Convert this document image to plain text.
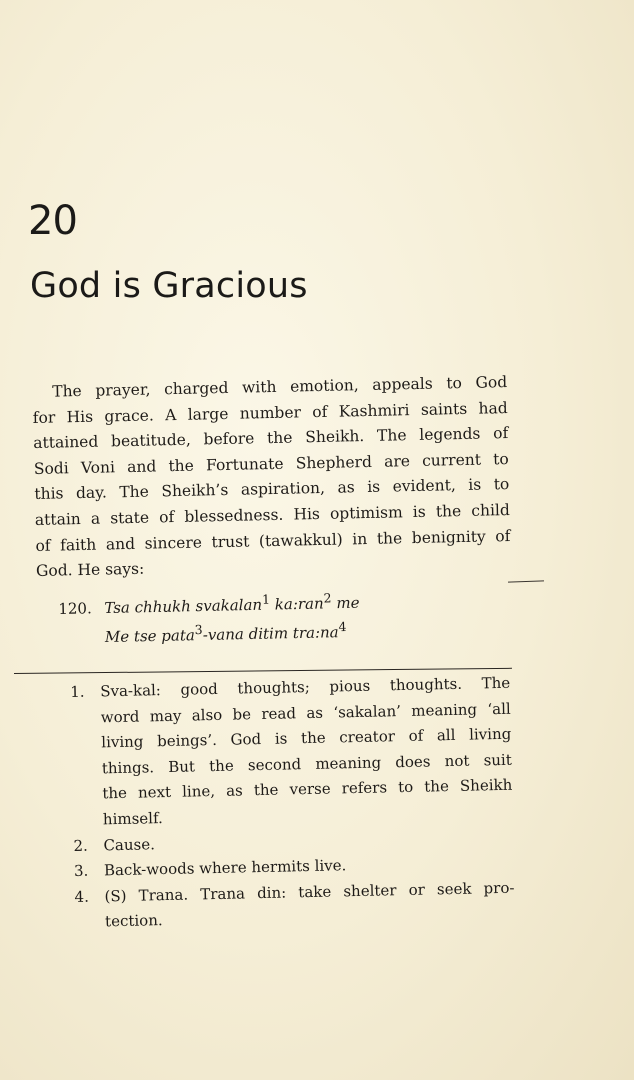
20
God is Gracious
The prayer, charged with emotion, appeals to God
for His grace. A large number of Kashmiri saints had
attained beatitude, before the Sheikh. The legends of
Sodi Voni and the Fortunate Shepherd are current to
this day. The Sheikh’s aspiration, as is evident, is to
attain a state of blessedness. His optimism is the child
of faith and sincere trust (tawakkul) in the benignity of
God. He says:
120. Tsa chhukh svakalan$^1$ ka:ran$^2$ me
Me tse pata$^3$-vana ditim $tra:na^4$
1. Sva-kal: good thoughts; pious thoughts. The
word may also be read as ‘sakalan’ meaning ‘all
living beings’. God is the creator of all living
things. But the second meaning does not suit
the next line, as the verse refers to the Sheikh
himself.
2. Cause.
3. Back-woods where hermits live.
4. (S) Trana. Trana din: take shelter or seek pro-
tection.
